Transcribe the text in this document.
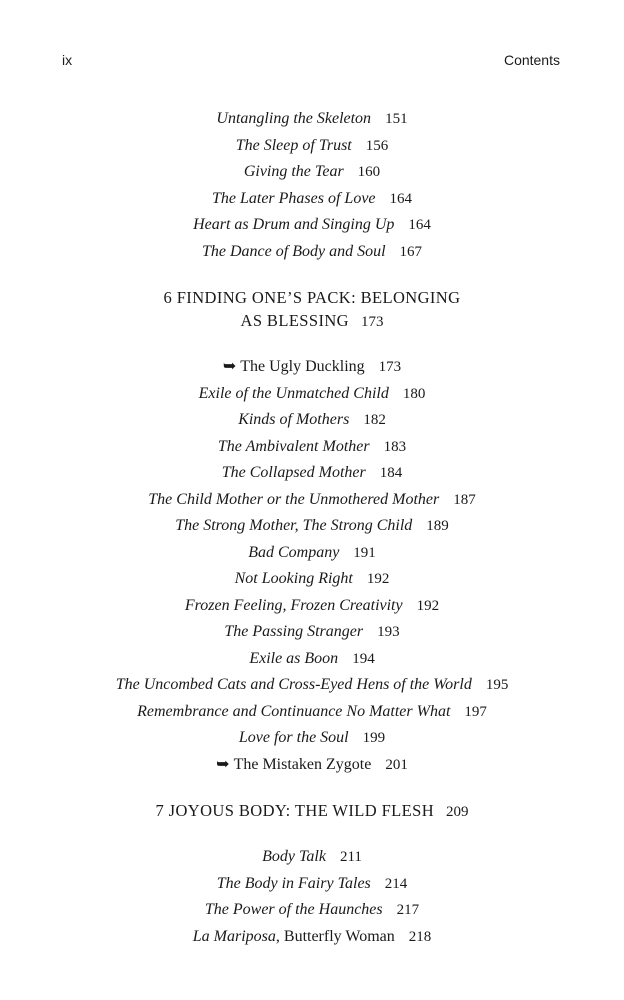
ix	Contents
Untangling the Skeleton 151
The Sleep of Trust 156
Giving the Tear 160
The Later Phases of Love 164
Heart as Drum and Singing Up 164
The Dance of Body and Soul 167
6 FINDING ONE’S PACK: BELONGING
AS BLESSING 173
➥ The Ugly Duckling 173
Exile of the Unmatched Child 180
Kinds of Mothers 182
The Ambivalent Mother 183
The Collapsed Mother 184
The Child Mother or the Unmothered Mother 187
The Strong Mother, The Strong Child 189
Bad Company 191
Not Looking Right 192
Frozen Feeling, Frozen Creativity 192
The Passing Stranger 193
Exile as Boon 194
The Uncombed Cats and Cross-Eyed Hens of the World 195
Remembrance and Continuance No Matter What 197
Love for the Soul 199
➥ The Mistaken Zygote 201
7 JOYOUS BODY: THE WILD FLESH 209
Body Talk 211
The Body in Fairy Tales 214
The Power of the Haunches 217
La Mariposa, Butterfly Woman 218
